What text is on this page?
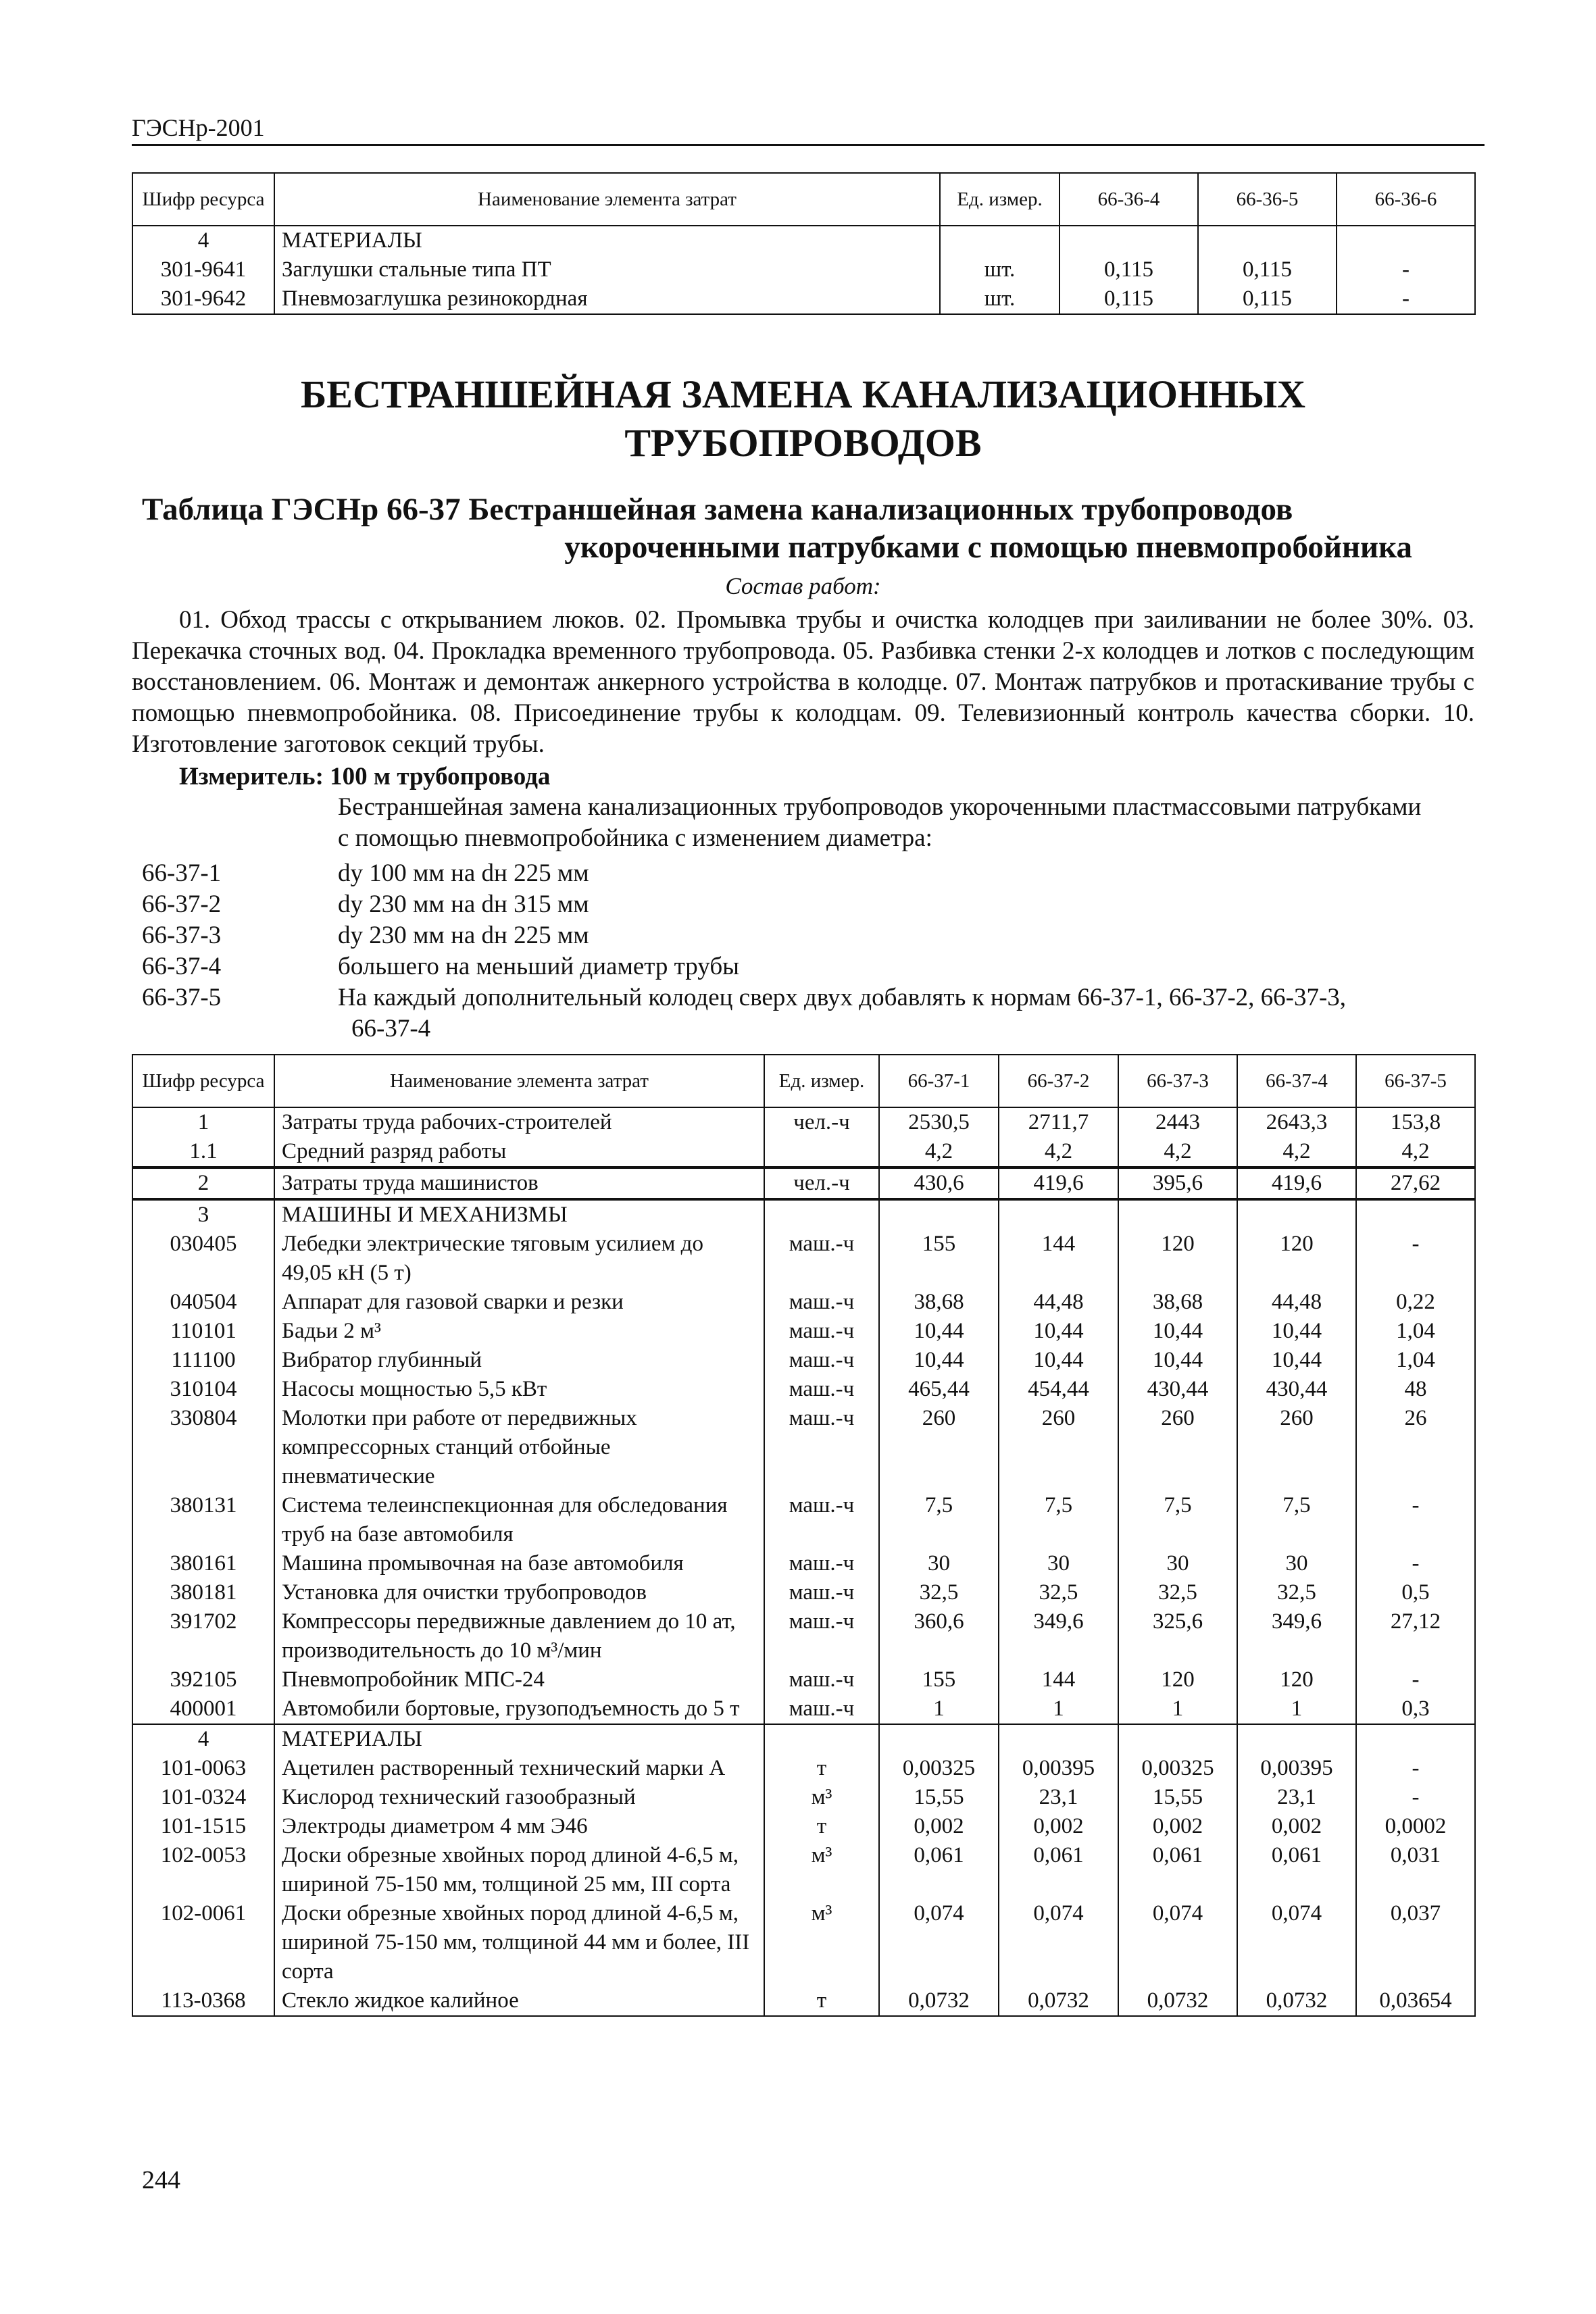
ГЭСНр-2001
Шифр ресурса	Наименование элемента затрат	Ед. измер.	66-36-4	66-36-5	66-36-6
4	МАТЕРИАЛЫ				
301-9641	Заглушки стальные типа ПТ	шт.	0,115	0,115	-
301-9642	Пневмозаглушка резинокордная	шт.	0,115	0,115	-
БЕСТРАНШЕЙНАЯ ЗАМЕНА КАНАЛИЗАЦИОННЫХ
ТРУБОПРОВОДОВ
Таблица ГЭСНр 66-37 Бестраншейная замена канализационных трубопроводов
укороченными патрубками с помощью пневмопробойника
Состав работ:
01. Обход трассы с открыванием люков. 02. Промывка трубы и очистка колодцев при заиливании не более 30%. 03. Перекачка сточных вод. 04. Прокладка временного трубопровода. 05. Разбивка стенки 2-х колодцев и лотков с последующим восстановлением. 06. Монтаж и демонтаж анкерного устройства в колодце. 07. Монтаж патрубков и протаскивание трубы с помощью пневмопробойника. 08. Присоединение трубы к колодцам. 09. Телевизионный контроль качества сборки. 10. Изготовление заготовок секций трубы.
Измеритель: 100 м трубопровода
Бестраншейная замена канализационных трубопроводов укороченными пластмассовыми патрубками с помощью пневмопробойника с изменением диаметра:
66-37-1	dу 100 мм на dн 225 мм
66-37-2	dу 230 мм на dн 315 мм
66-37-3	dу 230 мм на dн 225 мм
66-37-4	большего на меньший диаметр трубы
66-37-5	На каждый дополнительный колодец сверх двух добавлять к нормам 66-37-1, 66-37-2, 66-37-3,
66-37-4
Шифр ресурса	Наименование элемента затрат	Ед. измер.	66-37-1	66-37-2	66-37-3	66-37-4	66-37-5
1	Затраты труда рабочих-строителей	чел.-ч	2530,5	2711,7	2443	2643,3	153,8
1.1	Средний разряд работы		4,2	4,2	4,2	4,2	4,2
2	Затраты труда машинистов	чел.-ч	430,6	419,6	395,6	419,6	27,62
3	МАШИНЫ И МЕХАНИЗМЫ						
030405	Лебедки электрические тяговым усилием до 49,05 кН (5 т)	маш.-ч	155	144	120	120	-
040504	Аппарат для газовой сварки и резки	маш.-ч	38,68	44,48	38,68	44,48	0,22
110101	Бадьи 2 м³	маш.-ч	10,44	10,44	10,44	10,44	1,04
111100	Вибратор глубинный	маш.-ч	10,44	10,44	10,44	10,44	1,04
310104	Насосы мощностью 5,5 кВт	маш.-ч	465,44	454,44	430,44	430,44	48
330804	Молотки при работе от передвижных компрессорных станций отбойные пневматические	маш.-ч	260	260	260	260	26
380131	Система телеинспекционная для обследования труб на базе автомобиля	маш.-ч	7,5	7,5	7,5	7,5	-
380161	Машина промывочная на базе автомобиля	маш.-ч	30	30	30	30	-
380181	Установка для очистки трубопроводов	маш.-ч	32,5	32,5	32,5	32,5	0,5
391702	Компрессоры передвижные давлением до 10 ат, производительность до 10 м³/мин	маш.-ч	360,6	349,6	325,6	349,6	27,12
392105	Пневмопробойник МПС-24	маш.-ч	155	144	120	120	-
400001	Автомобили бортовые, грузоподъемность до 5 т	маш.-ч	1	1	1	1	0,3
4	МАТЕРИАЛЫ						
101-0063	Ацетилен растворенный технический марки А	т	0,00325	0,00395	0,00325	0,00395	-
101-0324	Кислород технический газообразный	м³	15,55	23,1	15,55	23,1	-
101-1515	Электроды диаметром 4 мм Э46	т	0,002	0,002	0,002	0,002	0,0002
102-0053	Доски обрезные хвойных пород длиной 4-6,5 м, шириной 75-150 мм, толщиной 25 мм, III сорта	м³	0,061	0,061	0,061	0,061	0,031
102-0061	Доски обрезные хвойных пород длиной 4-6,5 м, шириной 75-150 мм, толщиной 44 мм и более, III сорта	м³	0,074	0,074	0,074	0,074	0,037
113-0368	Стекло жидкое калийное	т	0,0732	0,0732	0,0732	0,0732	0,03654
244
